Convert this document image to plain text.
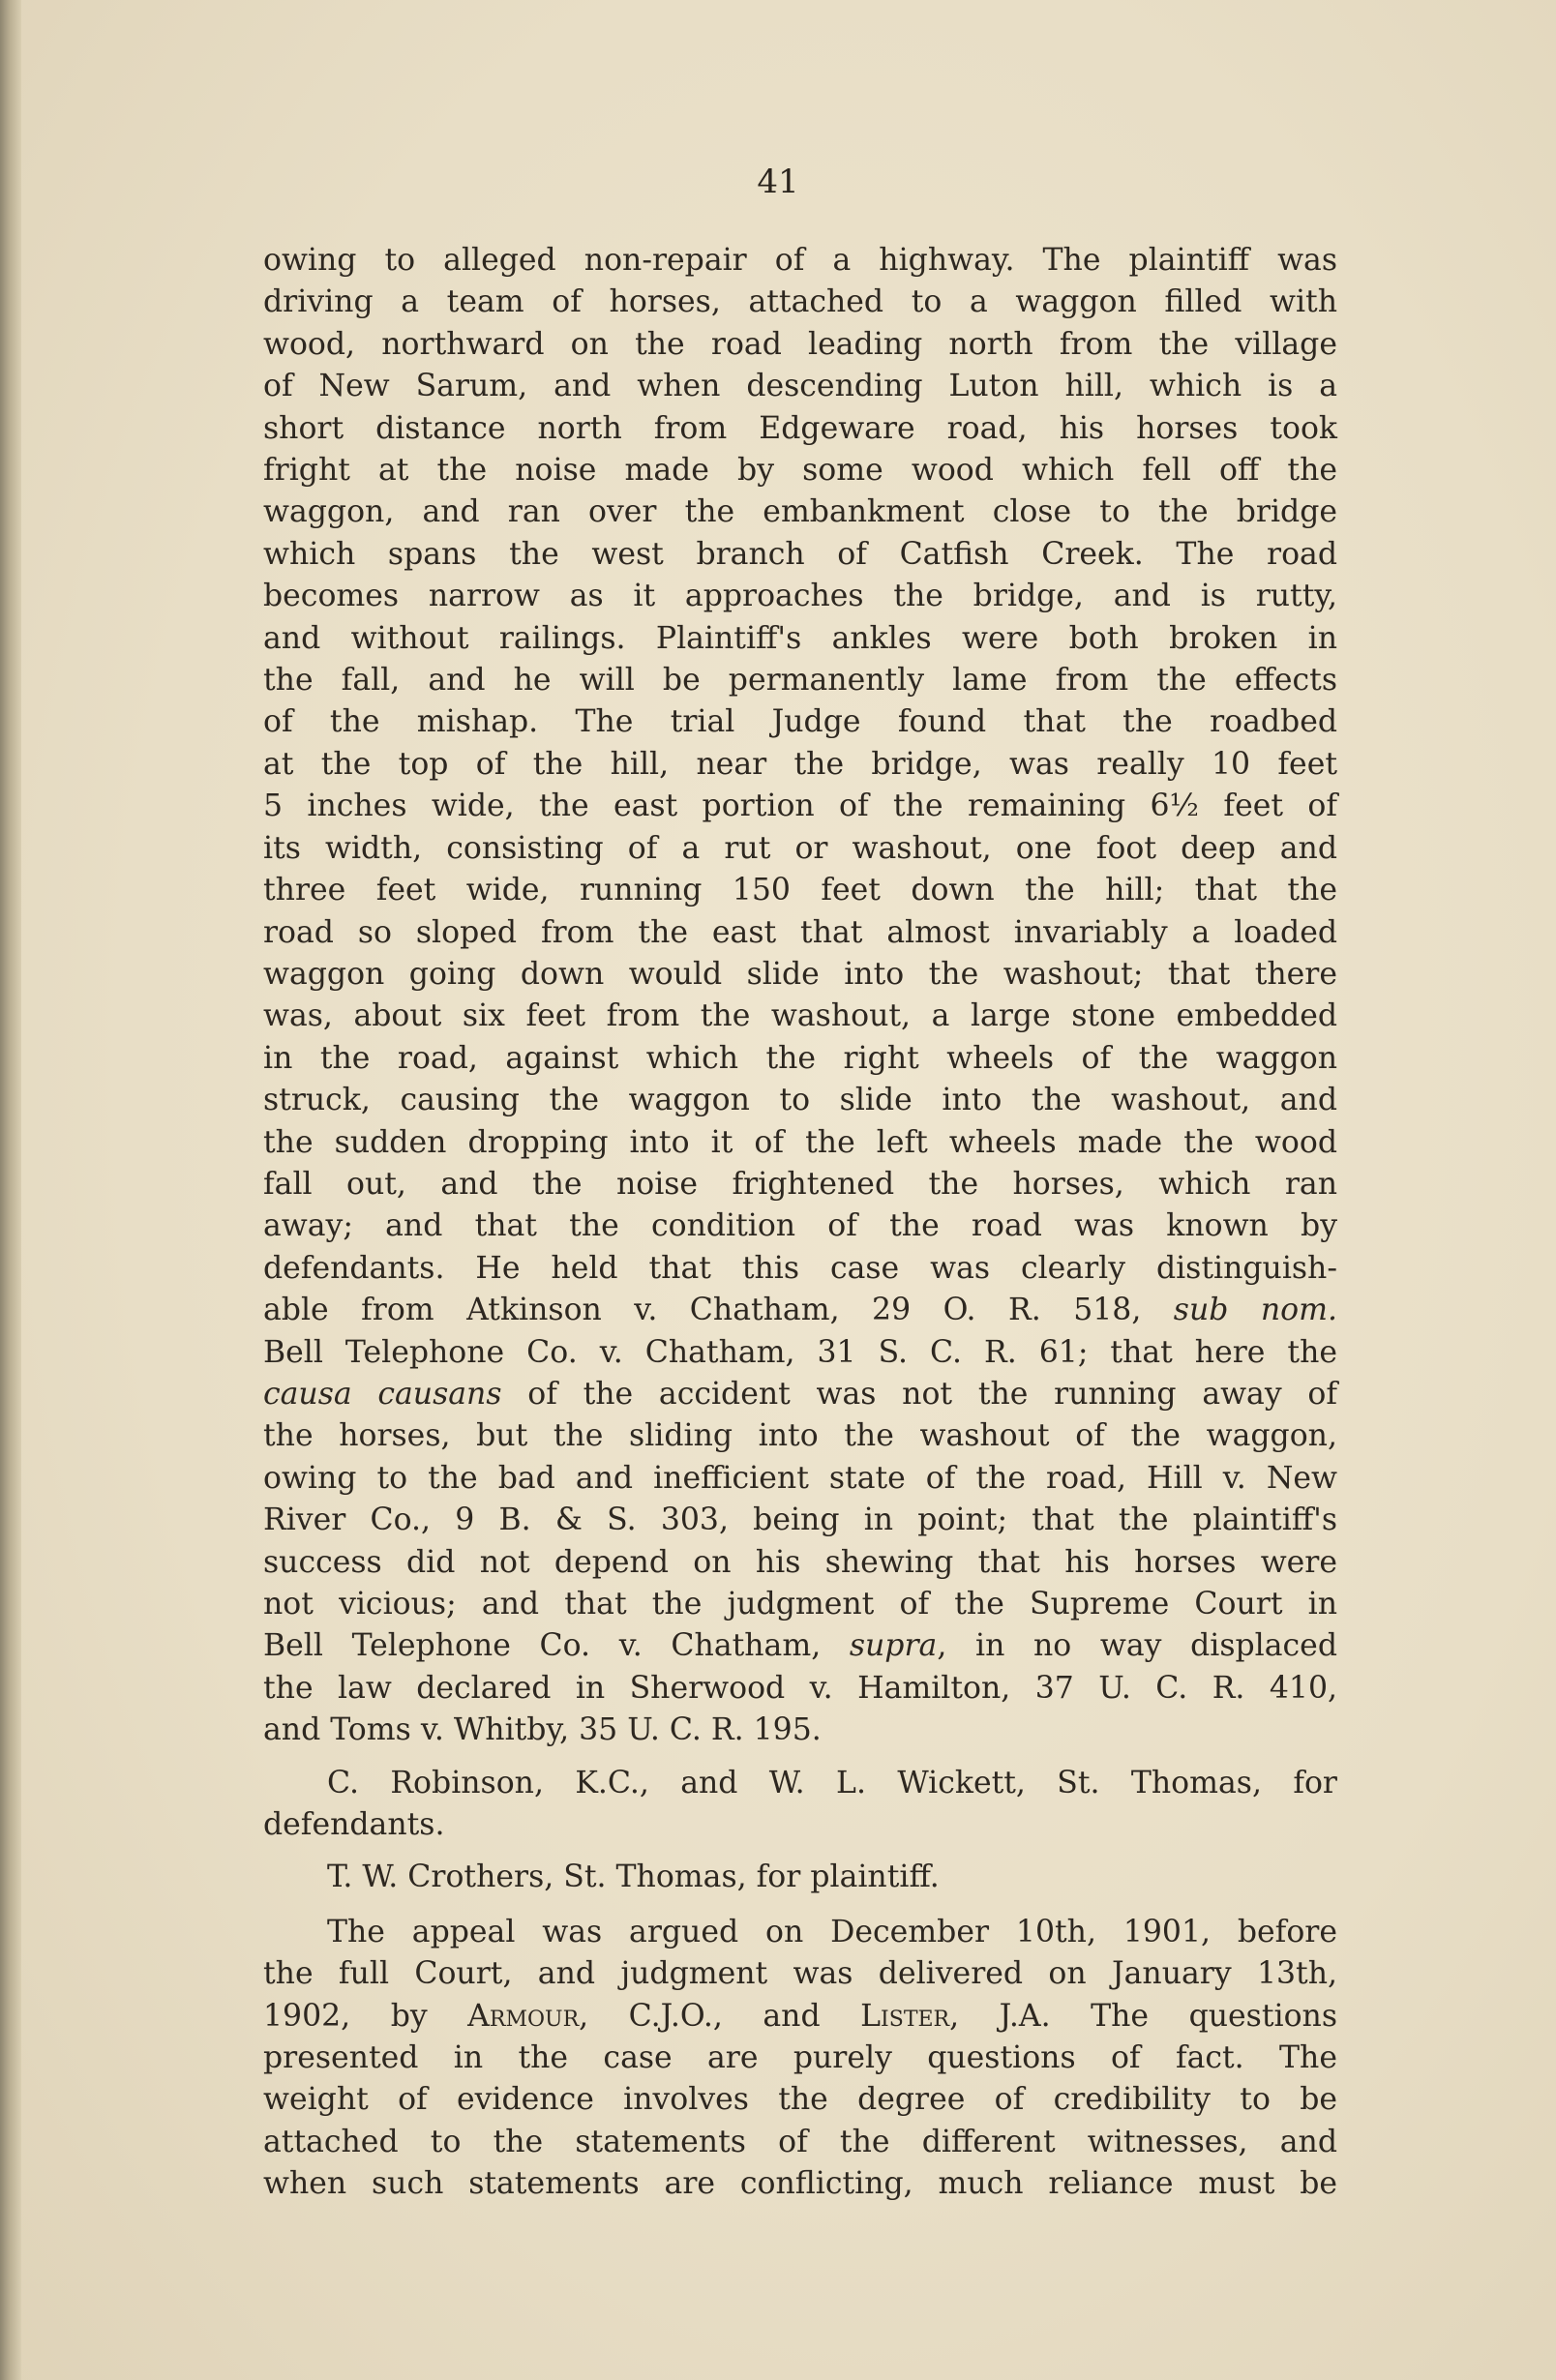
41

owing to alleged non-repair of a highway. The plaintiff was

driving a team of horses, attached to a waggon filled with

wood, northward on the road leading north from the village

of New Sarum, and when descending Luton hill, which is a

short distance north from Edgeware road, his horses took

fright at the noise made by some wood which fell off the

waggon, and ran over the embankment close to the bridge

which spans the west branch of Catfish Creek. The road

becomes narrow as it approaches the bridge, and is rutty,

and without railings. Plaintiff's ankles were both broken in

the fall, and he will be permanently lame from the effects

of the mishap. The trial Judge found that the roadbed

at the top of the hill, near the bridge, was really 10 feet

5 inches wide, the east portion of the remaining 6½ feet of

its width, consisting of a rut or washout, one foot deep and

three feet wide, running 150 feet down the hill; that the

road so sloped from the east that almost invariably a loaded

waggon going down would slide into the washout; that there

was, about six feet from the washout, a large stone embedded

in the road, against which the right wheels of the waggon

struck, causing the waggon to slide into the washout, and

the sudden dropping into it of the left wheels made the wood

fall out, and the noise frightened the horses, which ran

away; and that the condition of the road was known by

defendants. He held that this case was clearly distinguish-

able from Atkinson v. Chatham, 29 O. R. 518, sub nom.

Bell Telephone Co. v. Chatham, 31 S. C. R. 61; that here the

causa causans of the accident was not the running away of

the horses, but the sliding into the washout of the waggon,

owing to the bad and inefficient state of the road, Hill v. New

River Co., 9 B. & S. 303, being in point; that the plaintiff's

success did not depend on his shewing that his horses were

not vicious; and that the judgment of the Supreme Court in

Bell Telephone Co. v. Chatham, supra, in no way displaced

the law declared in Sherwood v. Hamilton, 37 U. C. R. 410,

and Toms v. Whitby, 35 U. C. R. 195.

C. Robinson, K.C., and W. L. Wickett, St. Thomas, for

defendants.

T. W. Crothers, St. Thomas, for plaintiff.

The appeal was argued on December 10th, 1901, before

the full Court, and judgment was delivered on January 13th,

1902, by Armour, C.J.O., and Lister, J.A. The questions

presented in the case are purely questions of fact. The

weight of evidence involves the degree of credibility to be

attached to the statements of the different witnesses, and

when such statements are conflicting, much reliance must be
